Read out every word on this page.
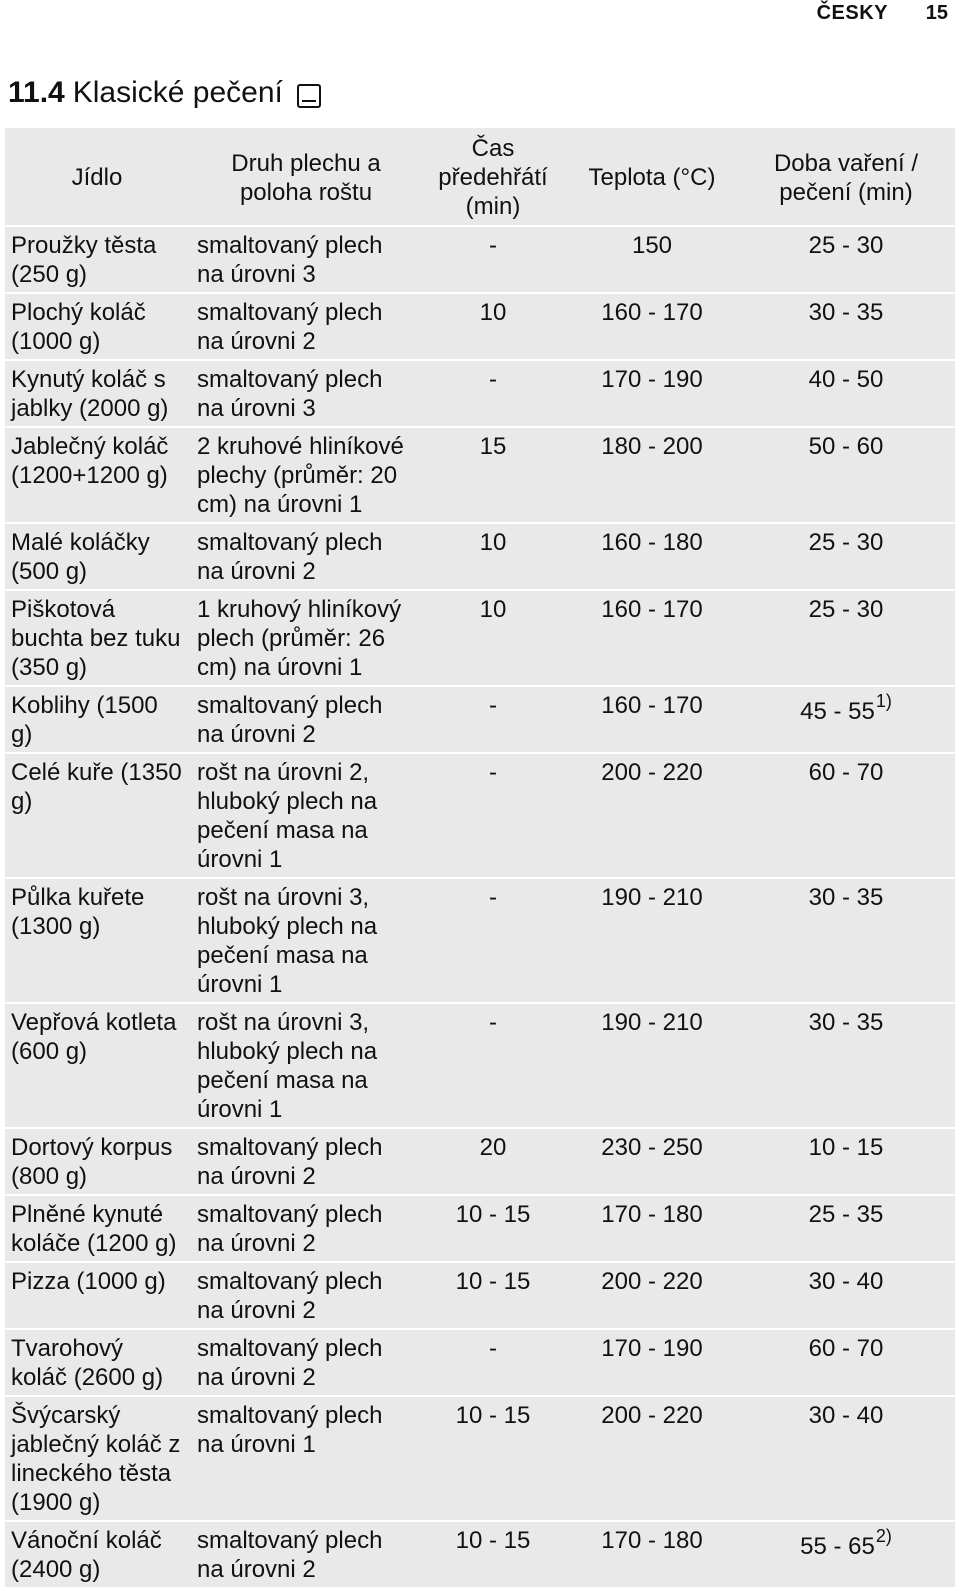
ČESKY 15
11.4 Klasické pečení
Jídlo	Druh plechu a poloha roštu	Čas předehřátí (min)	Teplota (°C)	Doba vaření / pečení (min)
Proužky těsta (250 g)	smaltovaný plech na úrovni 3	-	150	25 - 30
Plochý koláč (1000 g)	smaltovaný plech na úrovni 2	10	160 - 170	30 - 35
Kynutý koláč s jablky (2000 g)	smaltovaný plech na úrovni 3	-	170 - 190	40 - 50
Jablečný koláč (1200+1200 g)	2 kruhové hliníkové plechy (průměr: 20 cm) na úrovni 1	15	180 - 200	50 - 60
Malé koláčky (500 g)	smaltovaný plech na úrovni 2	10	160 - 180	25 - 30
Piškotová buchta bez tuku (350 g)	1 kruhový hliníkový plech (průměr: 26 cm) na úrovni 1	10	160 - 170	25 - 30
Koblihy (1500 g)	smaltovaný plech na úrovni 2	-	160 - 170	45 - 55$^{1)}$
Celé kuře (1350 g)	rošt na úrovni 2, hluboký plech na pečení masa na úrovni 1	-	200 - 220	60 - 70
Půlka kuřete (1300 g)	rošt na úrovni 3, hluboký plech na pečení masa na úrovni 1	-	190 - 210	30 - 35
Vepřová kotleta (600 g)	rošt na úrovni 3, hluboký plech na pečení masa na úrovni 1	-	190 - 210	30 - 35
Dortový korpus (800 g)	smaltovaný plech na úrovni 2	20	230 - 250	10 - 15
Plněné kynuté koláče (1200 g)	smaltovaný plech na úrovni 2	10 - 15	170 - 180	25 - 35
Pizza (1000 g)	smaltovaný plech na úrovni 2	10 - 15	200 - 220	30 - 40
Tvarohový koláč (2600 g)	smaltovaný plech na úrovni 2	-	170 - 190	60 - 70
Švýcarský jablečný koláč z lineckého těsta (1900 g)	smaltovaný plech na úrovni 1	10 - 15	200 - 220	30 - 40
Vánoční koláč (2400 g)	smaltovaný plech na úrovni 2	10 - 15	170 - 180	55 - 65$^{2)}$
